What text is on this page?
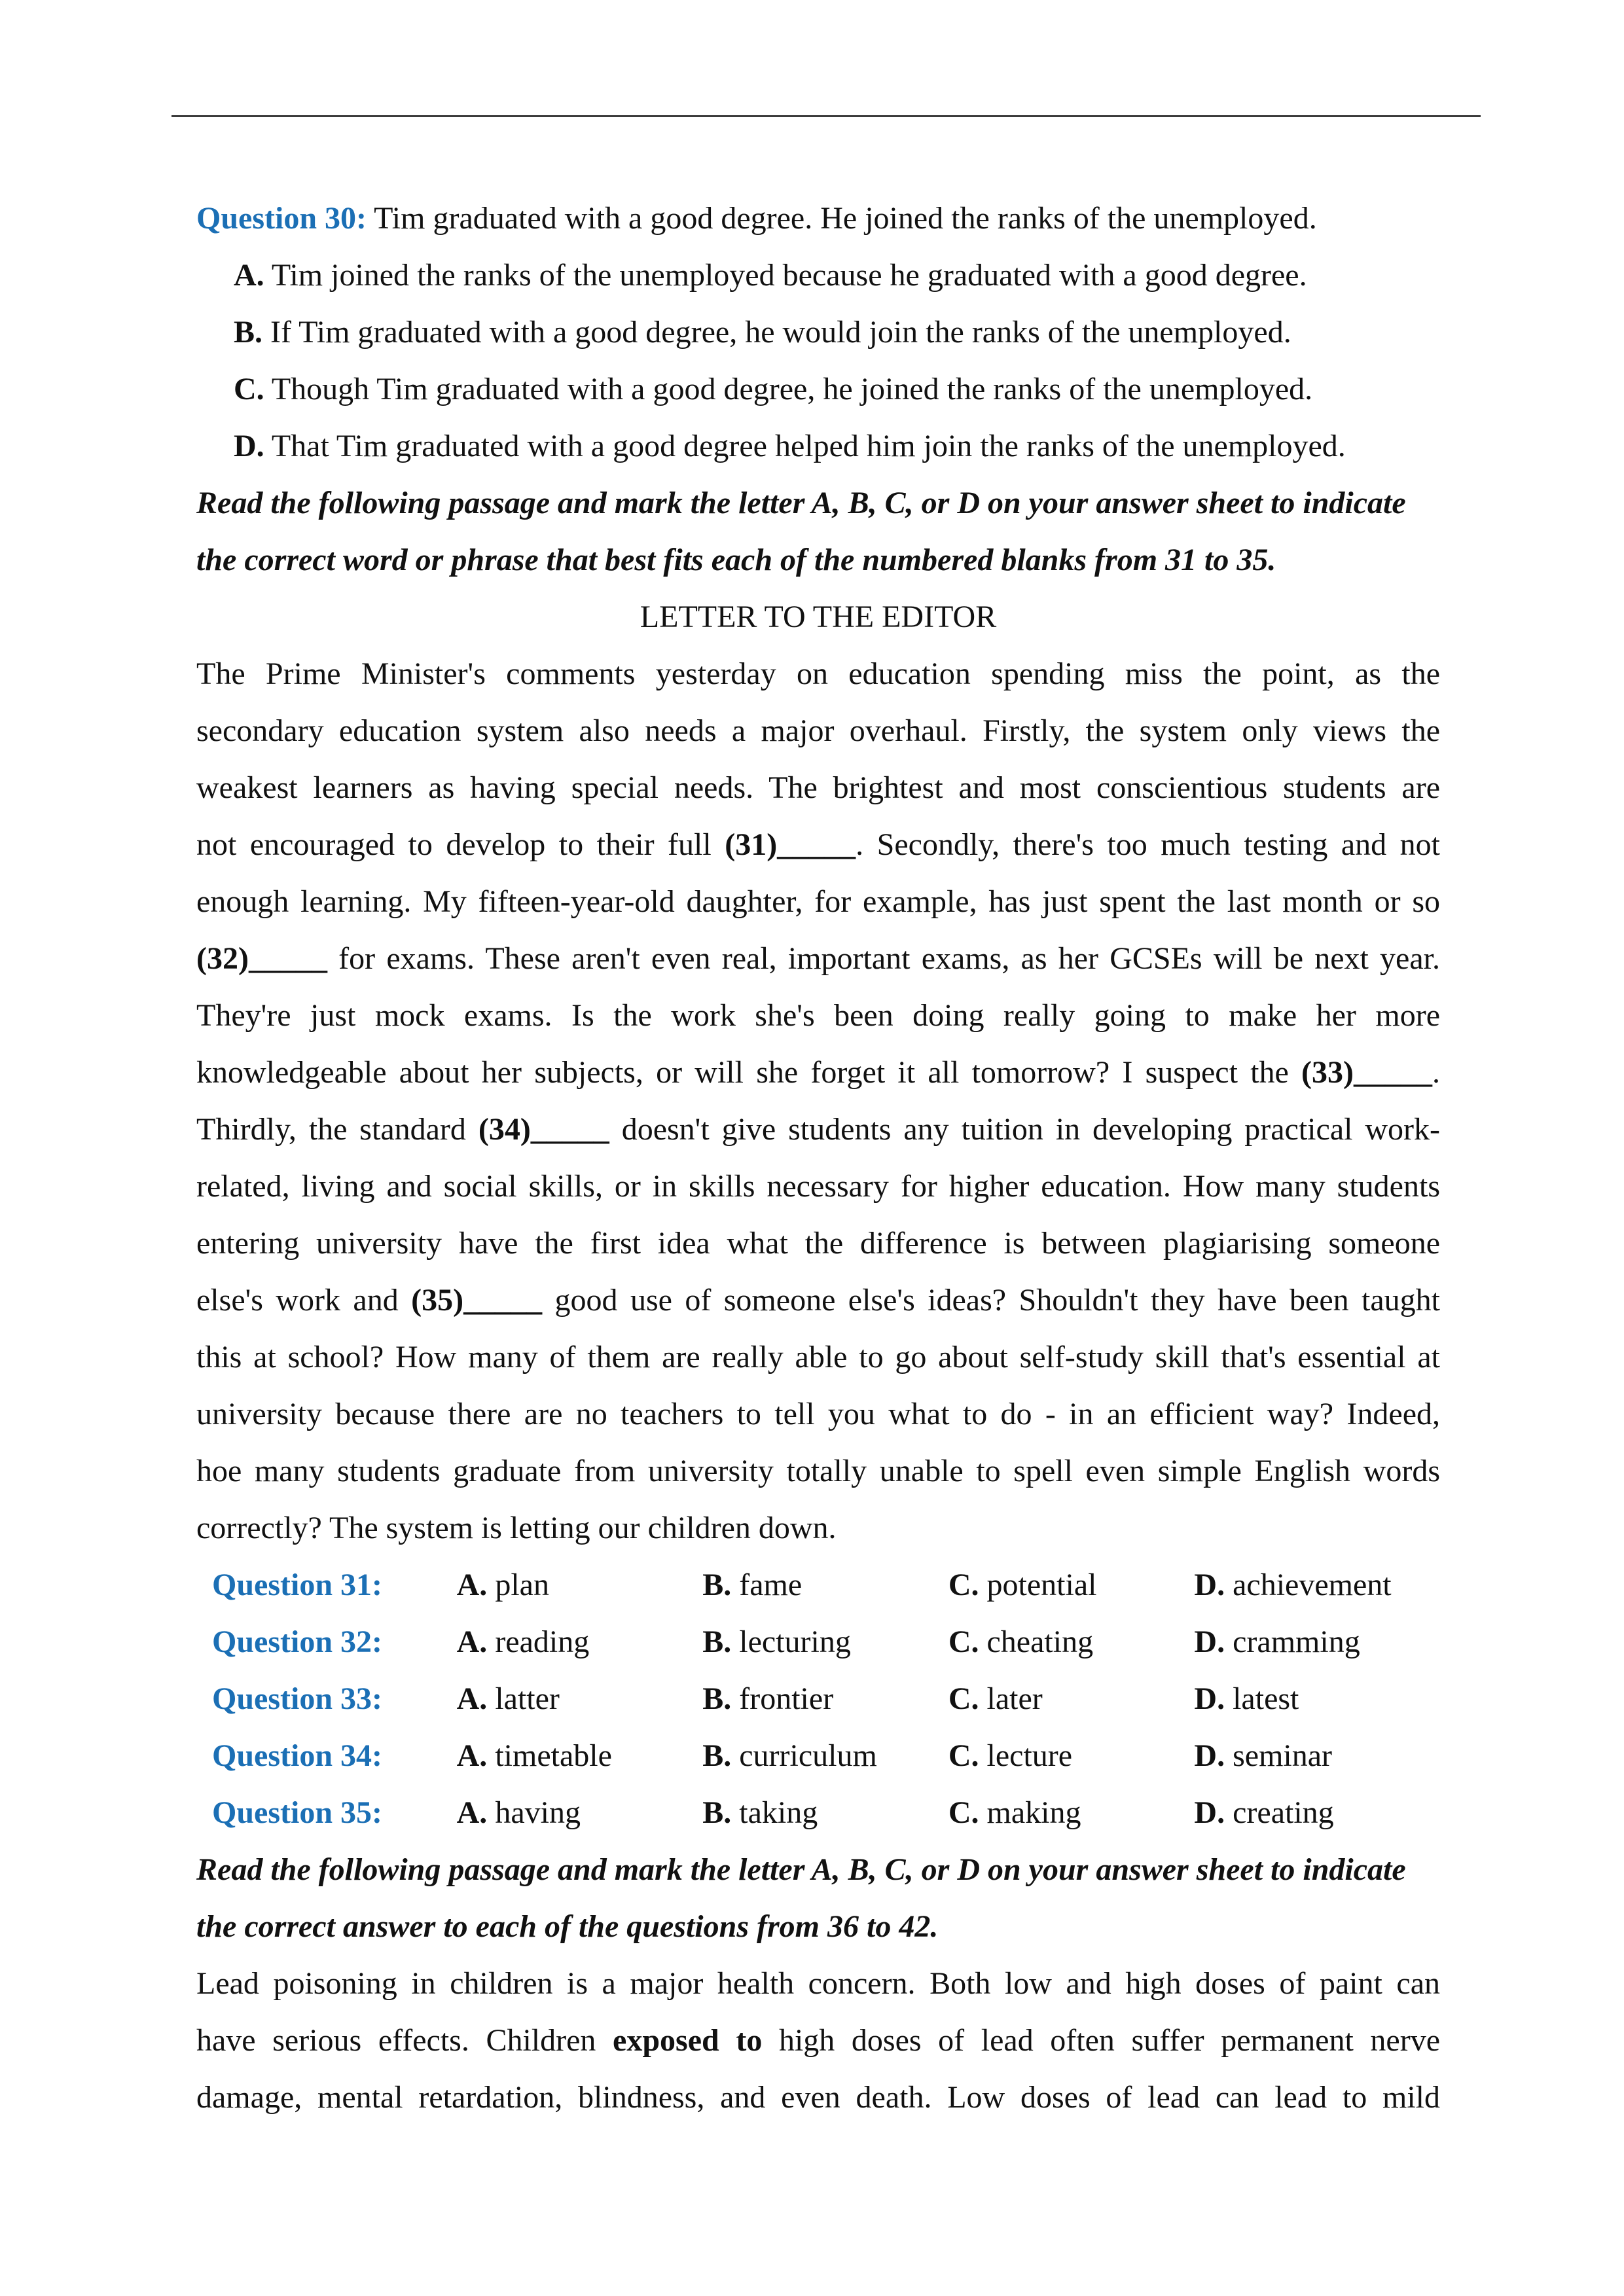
Question 30: Tim graduated with a good degree. He joined the ranks of the unemployed.
A. Tim joined the ranks of the unemployed because he graduated with a good degree.
B. If Tim graduated with a good degree, he would join the ranks of the unemployed.
C. Though Tim graduated with a good degree, he joined the ranks of the unemployed.
D. That Tim graduated with a good degree helped him join the ranks of the unemployed.
Read the following passage and mark the letter A, B, C, or D on your answer sheet to indicate
the correct word or phrase that best fits each of the numbered blanks from 31 to 35.
LETTER TO THE EDITOR
The Prime Minister's comments yesterday on education spending miss the point, as the
secondary education system also needs a major overhaul. Firstly, the system only views the
weakest learners as having special needs. The brightest and most conscientious students are
not encouraged to develop to their full (31)_____. Secondly, there's too much testing and not
enough learning. My fifteen-year-old daughter, for example, has just spent the last month or so
(32)_____ for exams. These aren't even real, important exams, as her GCSEs will be next year.
They're just mock exams. Is the work she's been doing really going to make her more
knowledgeable about her subjects, or will she forget it all tomorrow? I suspect the (33)_____.
Thirdly, the standard (34)_____ doesn't give students any tuition in developing practical work-
related, living and social skills, or in skills necessary for higher education. How many students
entering university have the first idea what the difference is between plagiarising someone
else's work and (35)_____ good use of someone else's ideas? Shouldn't they have been taught
this at school? How many of them are really able to go about self-study skill that's essential at
university because there are no teachers to tell you what to do - in an efficient way? Indeed,
hoe many students graduate from university totally unable to spell even simple English words
correctly? The system is letting our children down.
Question 31:	A. plan	B. fame	C. potential	D. achievement
Question 32:	A. reading	B. lecturing	C. cheating	D. cramming
Question 33:	A. latter	B. frontier	C. later	D. latest
Question 34:	A. timetable	B. curriculum	C. lecture	D. seminar
Question 35:	A. having	B. taking	C. making	D. creating
Read the following passage and mark the letter A, B, C, or D on your answer sheet to indicate
the correct answer to each of the questions from 36 to 42.
Lead poisoning in children is a major health concern. Both low and high doses of paint can
have serious effects. Children exposed to high doses of lead often suffer permanent nerve
damage, mental retardation, blindness, and even death. Low doses of lead can lead to mild
